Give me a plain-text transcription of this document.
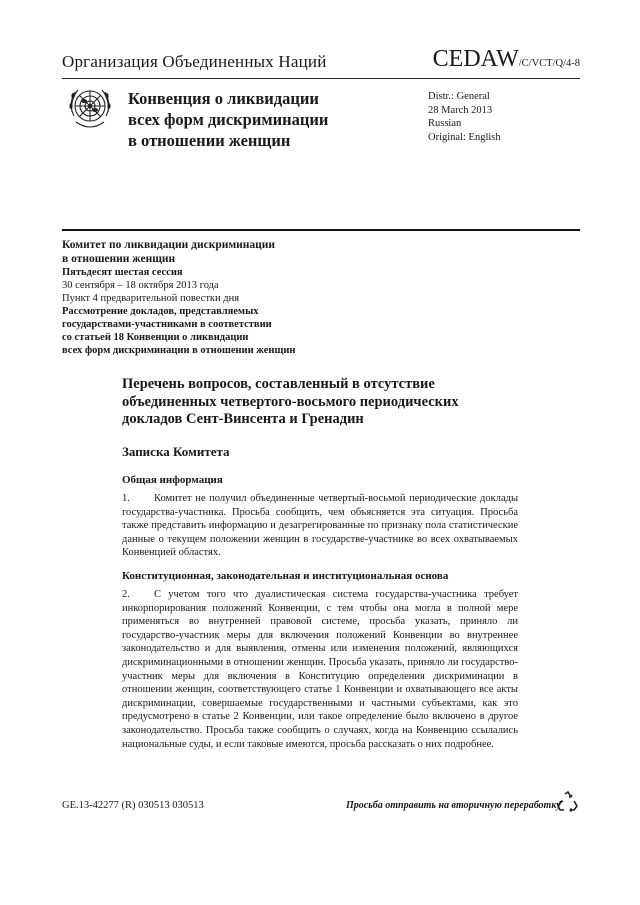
Организация Объединенных Наций	CEDAW/C/VCT/Q/4-8
Конвенция о ликвидации
всех форм дискриминации
в отношении женщин
Distr.: General
28 March 2013
Russian
Original: English
Комитет по ликвидации дискриминации
в отношении женщин
Пятьдесят шестая сессия
30 сентября – 18 октября 2013 года
Пункт 4 предварительной повестки дня
Рассмотрение докладов, представляемых
государствами-участниками в соответствии
со статьей 18 Конвенции о ликвидации
всех форм дискриминации в отношении женщин
Перечень вопросов, составленный в отсутствие
объединенных четвертого-восьмого периодических
докладов Сент-Винсента и Гренадин
Записка Комитета
Общая информация
1. Комитет не получил объединенные четвертый-восьмой периодические доклады государства-участника. Просьба сообщить, чем объясняется эта ситуация. Просьба также представить информацию и дезагрегированные по признаку пола статистические данные о текущем положении женщин в государстве-участнике во всех охватываемых Конвенцией областях.
Конституционная, законодательная и институциональная основа
2. С учетом того что дуалистическая система государства-участника требует инкорпорирования положений Конвенции, с тем чтобы она могла в полной мере применяться во внутренней правовой системе, просьба указать, приняло ли государство-участник меры для включения положений Конвенции во внутреннее законодательство и для выявления, отмены или изменения положений, являющихся дискриминационными в отношении женщин. Просьба указать, приняло ли государство-участник меры для включения в Конституцию определения дискриминации в отношении женщин, соответствующего статье 1 Конвенции и охватывающего все акты дискриминации, совершаемые государственными и частными субъектами, как это предусмотрено в статье 2 Конвенции, или такое определение было включено в другое законодательство. Просьба также сообщить о случаях, когда на Конвенцию ссылались национальные суды, и если таковые имеются, просьба рассказать о них подробнее.
GE.13-42277 (R) 030513 030513	Просьба отправить на вторичную переработку
